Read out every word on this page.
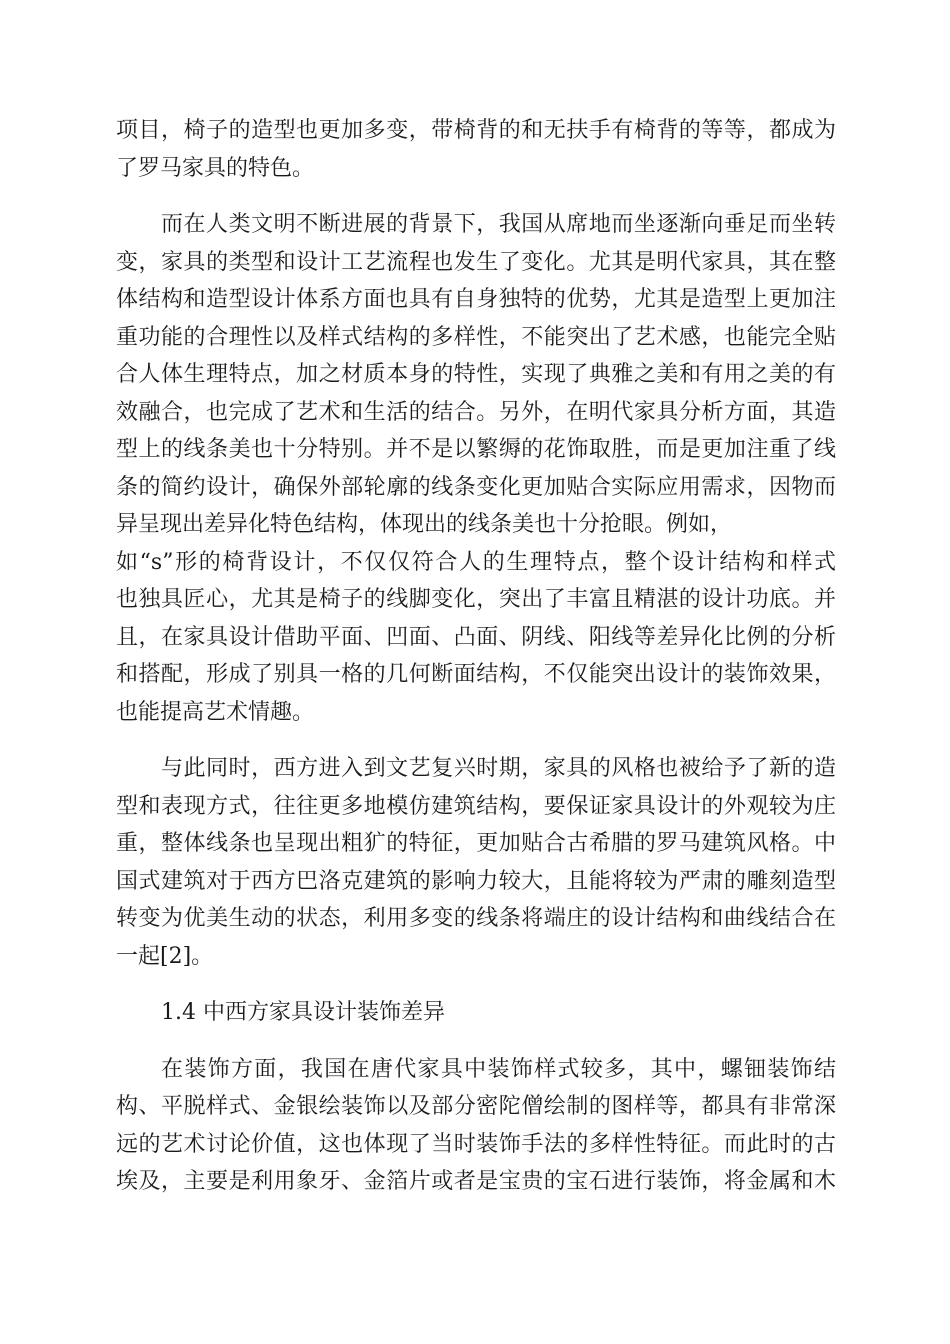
项目，椅子的造型也更加多变，带椅背的和无扶手有椅背的等等，都成为
了罗马家具的特色。
而在人类文明不断进展的背景下，我国从席地而坐逐渐向垂足而坐转
变，家具的类型和设计工艺流程也发生了变化。尤其是明代家具，其在整
体结构和造型设计体系方面也具有自身独特的优势，尤其是造型上更加注
重功能的合理性以及样式结构的多样性，不能突出了艺术感，也能完全贴
合人体生理特点，加之材质本身的特性，实现了典雅之美和有用之美的有
效融合，也完成了艺术和生活的结合。另外，在明代家具分析方面，其造
型上的线条美也十分特别。并不是以繁缛的花饰取胜，而是更加注重了线
条的简约设计，确保外部轮廓的线条变化更加贴合实际应用需求，因物而
异呈现出差异化特色结构，体现出的线条美也十分抢眼。例如，
如“s”形的椅背设计，不仅仅符合人的生理特点，整个设计结构和样式
也独具匠心，尤其是椅子的线脚变化，突出了丰富且精湛的设计功底。并
且，在家具设计借助平面、凹面、凸面、阴线、阳线等差异化比例的分析
和搭配，形成了别具一格的几何断面结构，不仅能突出设计的装饰效果，
也能提高艺术情趣。
与此同时，西方进入到文艺复兴时期，家具的风格也被给予了新的造
型和表现方式，往往更多地模仿建筑结构，要保证家具设计的外观较为庄
重，整体线条也呈现出粗犷的特征，更加贴合古希腊的罗马建筑风格。中
国式建筑对于西方巴洛克建筑的影响力较大，且能将较为严肃的雕刻造型
转变为优美生动的状态，利用多变的线条将端庄的设计结构和曲线结合在
一起[2]。
1.4 中西方家具设计装饰差异
在装饰方面，我国在唐代家具中装饰样式较多，其中，螺钿装饰结
构、平脱样式、金银绘装饰以及部分密陀僧绘制的图样等，都具有非常深
远的艺术讨论价值，这也体现了当时装饰手法的多样性特征。而此时的古
埃及，主要是利用象牙、金箔片或者是宝贵的宝石进行装饰，将金属和木
